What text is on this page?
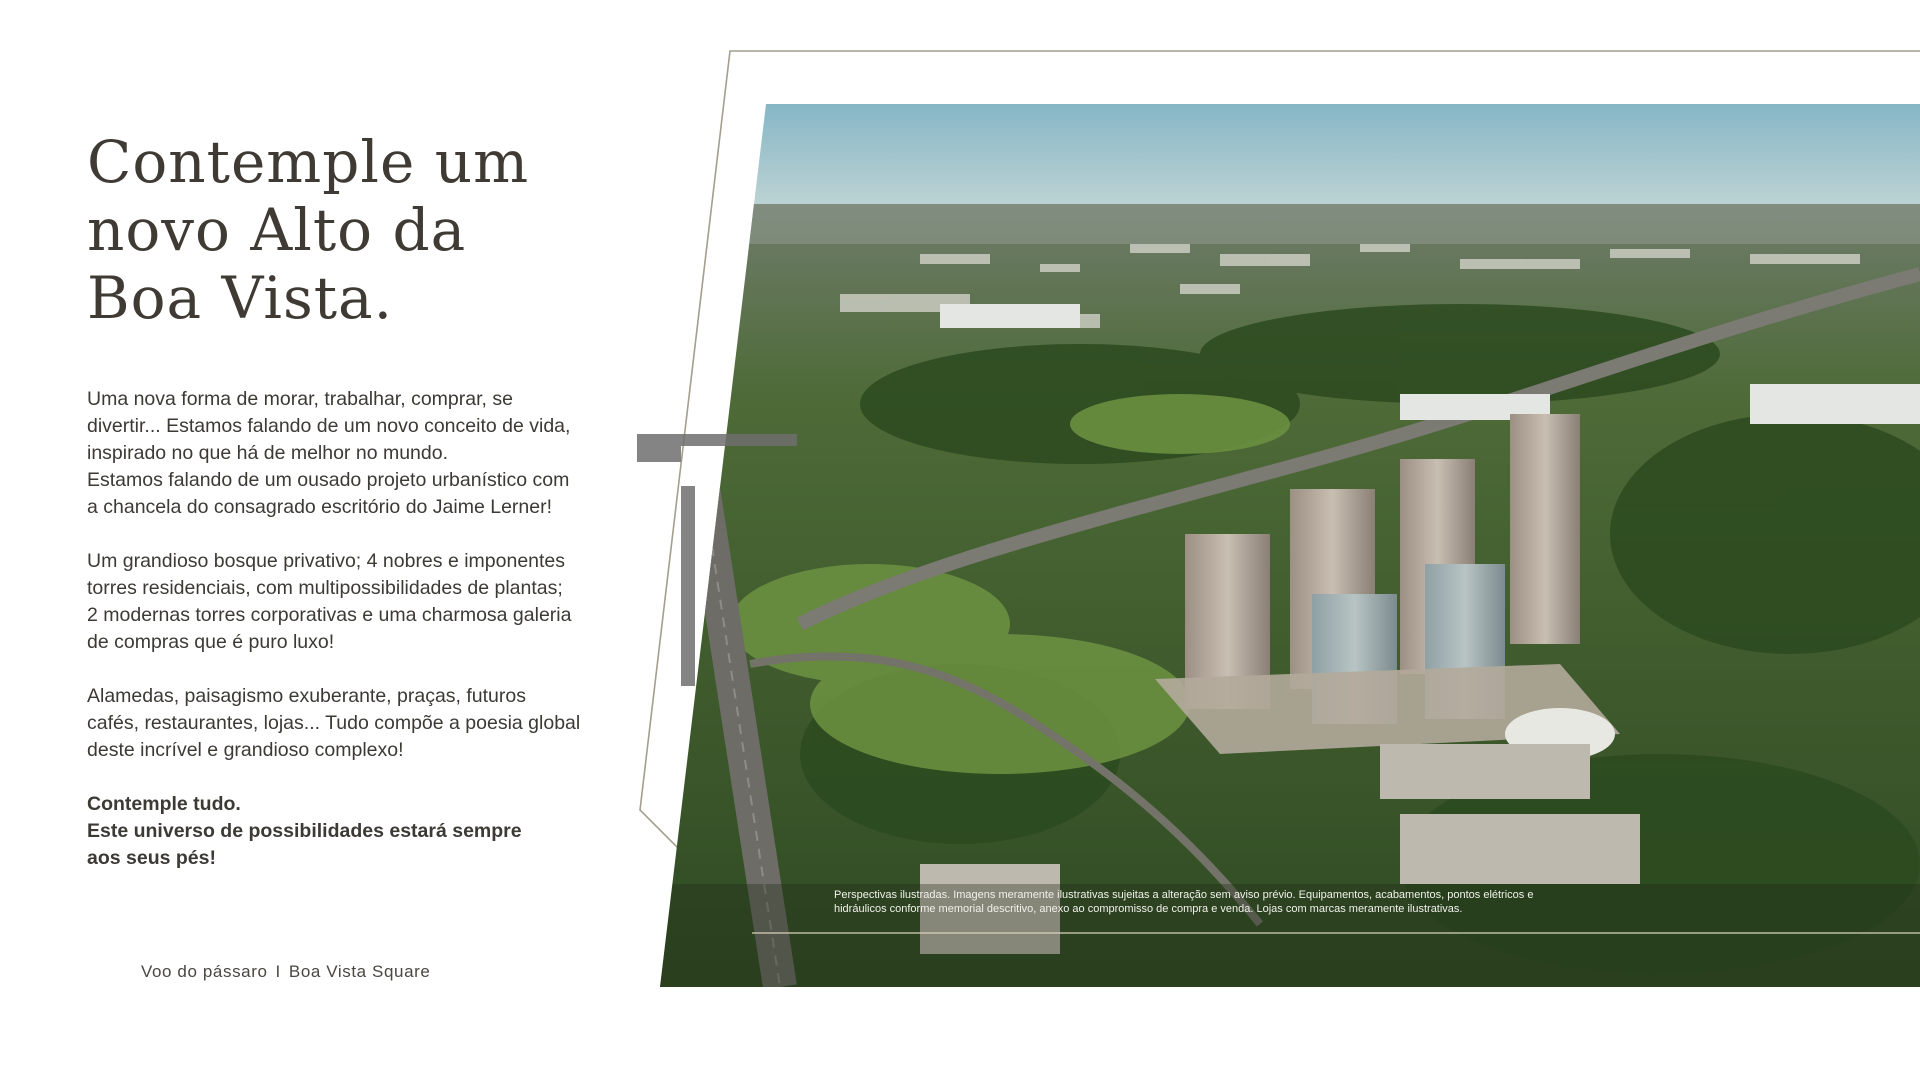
Contemple um
novo Alto da
Boa Vista.

Uma nova forma de morar, trabalhar, comprar, se
divertir... Estamos falando de um novo conceito de vida,
inspirado no que há de melhor no mundo.
Estamos falando de um ousado projeto urbanístico com
a chancela do consagrado escritório do Jaime Lerner!

Um grandioso bosque privativo; 4 nobres e imponentes
torres residenciais, com multipossibilidades de plantas;
2 modernas torres corporativas e uma charmosa galeria
de compras que é puro luxo!

Alamedas, paisagismo exuberante, praças, futuros
cafés, restaurantes, lojas... Tudo compõe a poesia global
deste incrível e grandioso complexo!

Contemple tudo.
Este universo de possibilidades estará sempre
aos seus pés!

Voo do pássaro I Boa Vista Square
Perspectivas ilustradas. Imagens meramente ilustrativas sujeitas a alteração sem aviso prévio. Equipamentos, acabamentos, pontos elétricos e
hidráulicos conforme memorial descritivo, anexo ao compromisso de compra e venda. Lojas com marcas meramente ilustrativas.
